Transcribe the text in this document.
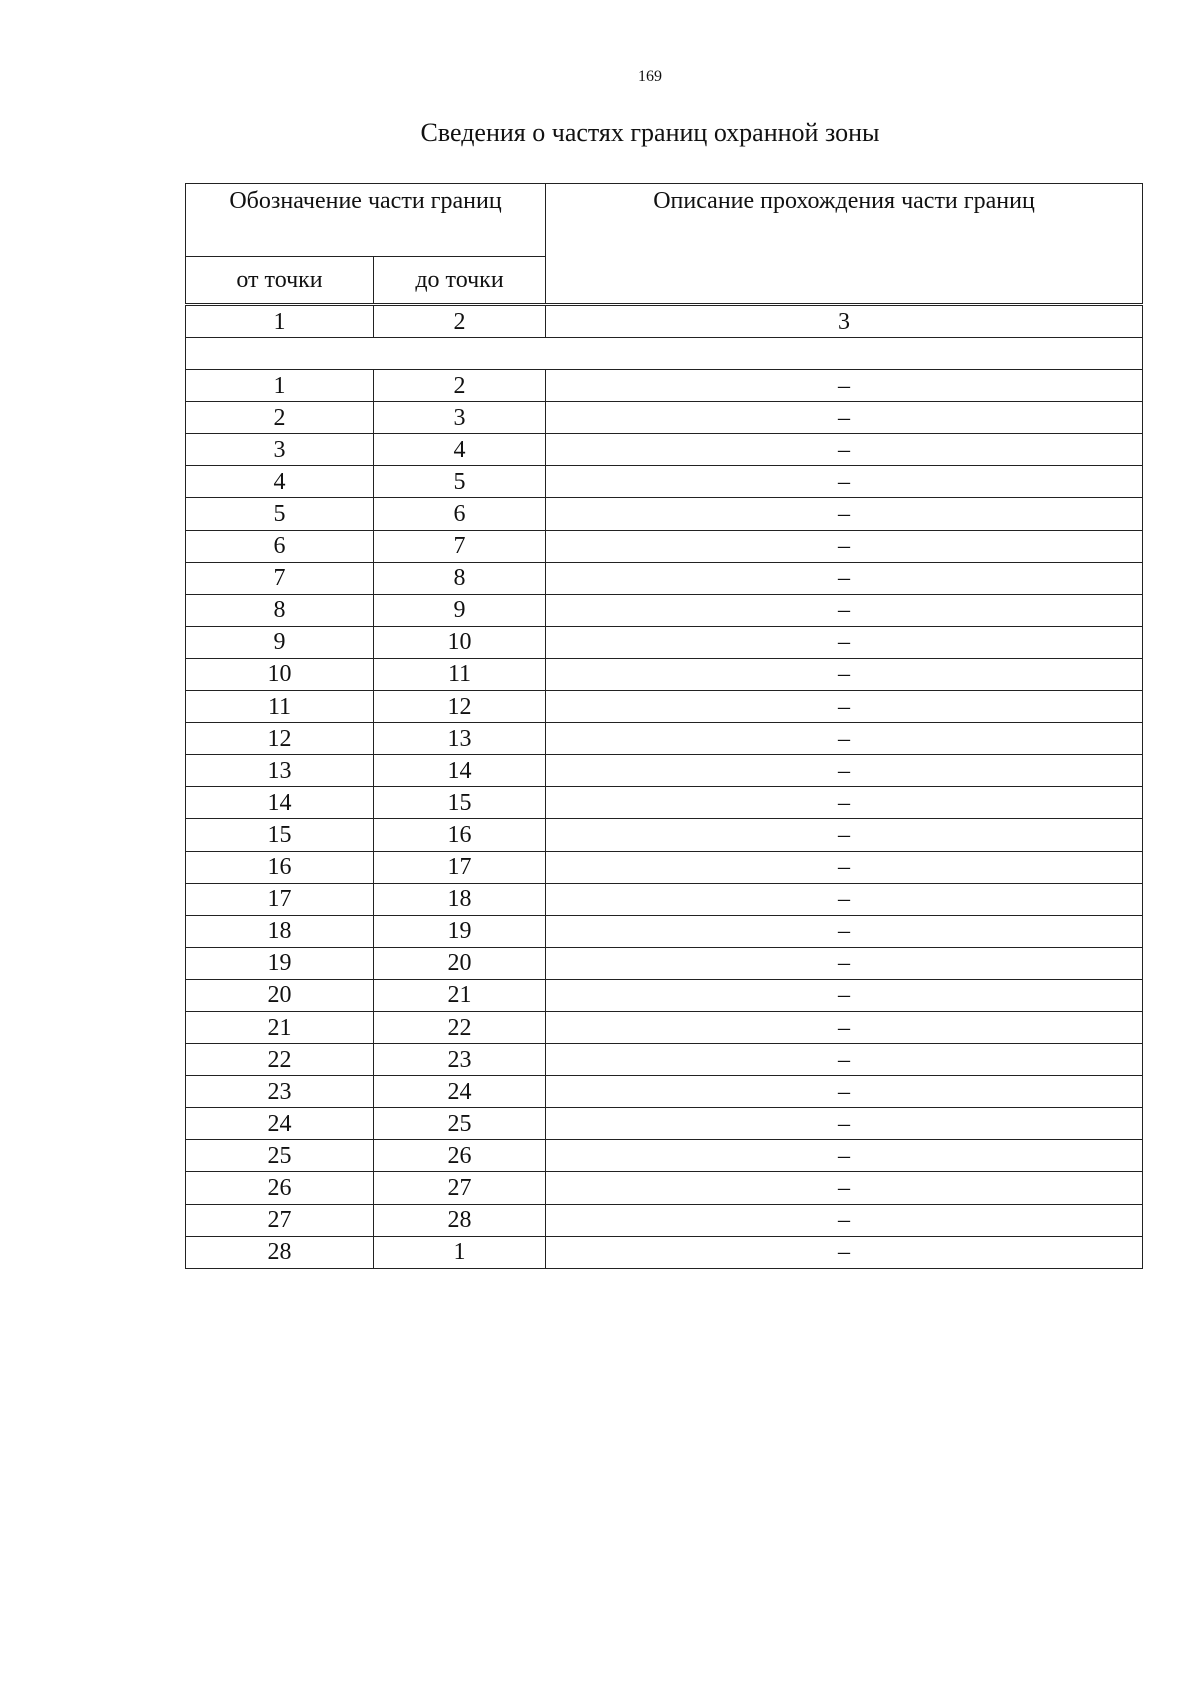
169
Сведения о частях границ охранной зоны
Обозначение части границ		Описание прохождения части границ
от точки	до точки	
1	2	3

1	2	–
2	3	–
3	4	–
4	5	–
5	6	–
6	7	–
7	8	–
8	9	–
9	10	–
10	11	–
11	12	–
12	13	–
13	14	–
14	15	–
15	16	–
16	17	–
17	18	–
18	19	–
19	20	–
20	21	–
21	22	–
22	23	–
23	24	–
24	25	–
25	26	–
26	27	–
27	28	–
28	1	–
